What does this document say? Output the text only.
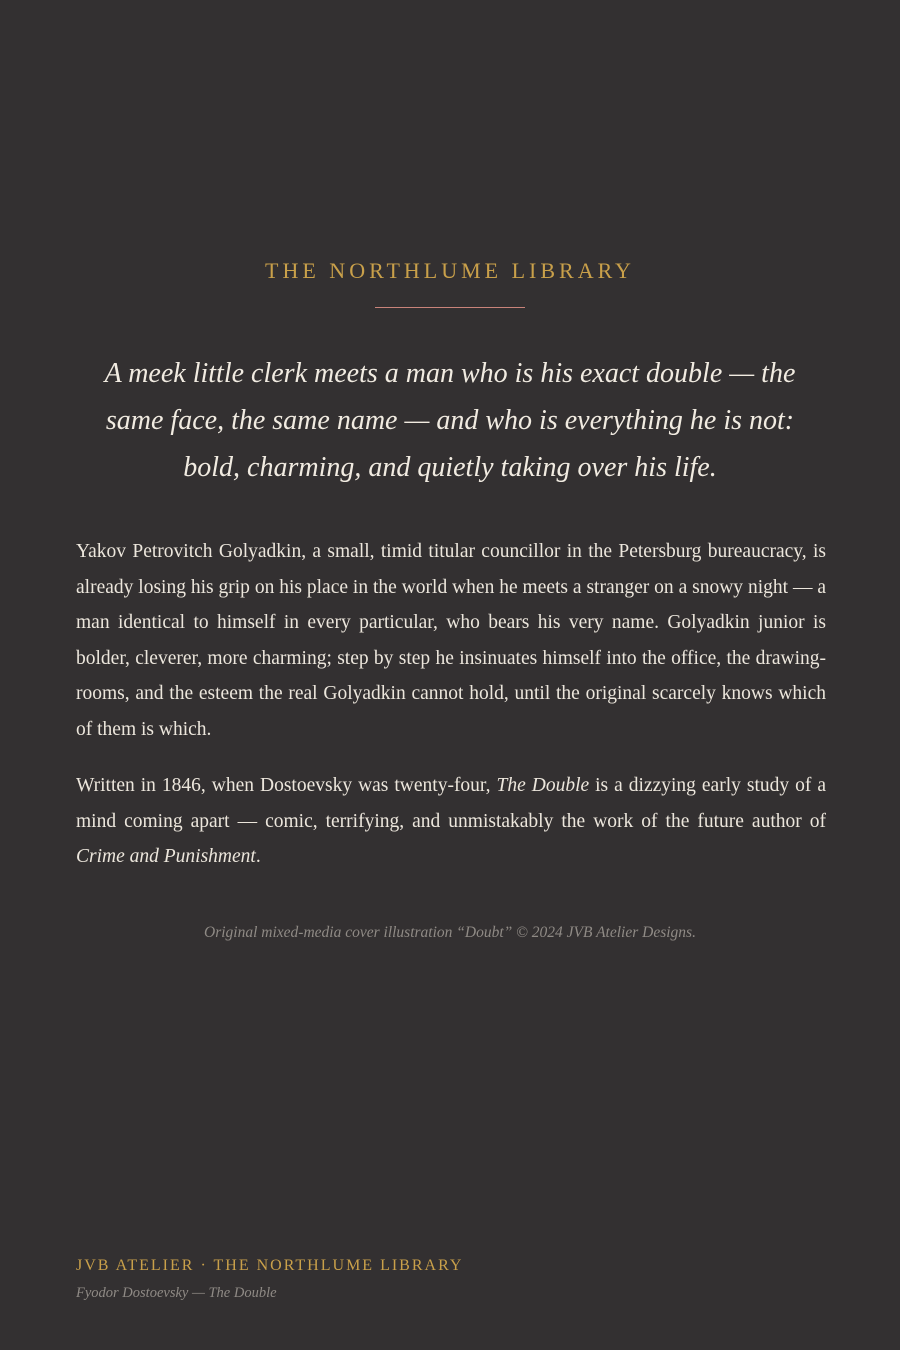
THE NORTHLUME LIBRARY
A meek little clerk meets a man who is his exact double — the
same face, the same name — and who is everything he is not:
bold, charming, and quietly taking over his life.

Yakov Petrovitch Golyadkin, a small, timid titular councillor in the Petersburg bureaucracy, is already losing his grip on his place in the world when he meets a stranger on a snowy night — a man identical to himself in every particular, who bears his very name. Golyadkin junior is bolder, cleverer, more charming; step by step he insinuates himself into the office, the drawing-rooms, and the esteem the real Golyadkin cannot hold, until the original scarcely knows which of them is which.

Written in 1846, when Dostoevsky was twenty-four, The Double is a dizzying early study of a mind coming apart — comic, terrifying, and unmistakably the work of the future author of Crime and Punishment.

Original mixed-media cover illustration “Doubt” © 2024 JVB Atelier Designs.
JVB ATELIER · THE NORTHLUME LIBRARY
Fyodor Dostoevsky — The Double
